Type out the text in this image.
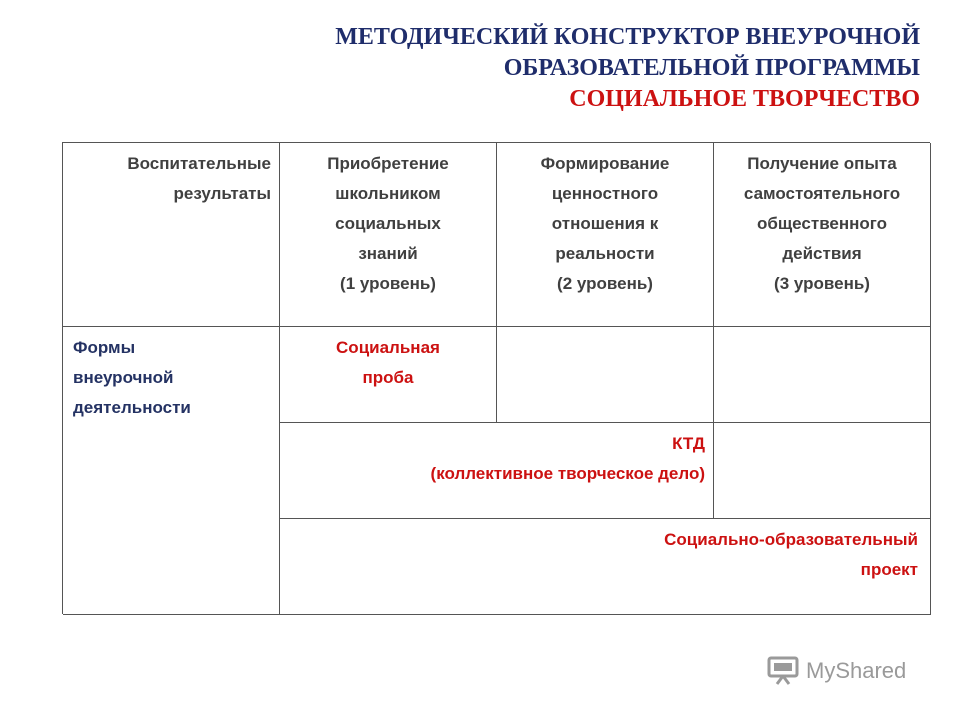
МЕТОДИЧЕСКИЙ КОНСТРУКТОР ВНЕУРОЧНОЙ
ОБРАЗОВАТЕЛЬНОЙ ПРОГРАММЫ
СОЦИАЛЬНОЕ ТВОРЧЕСТВО
Воспитательные
результаты
Приобретение
школьником
социальных
знаний
(1 уровень)
Формирование
ценностного
отношения к
реальности
(2 уровень)
Получение опыта
самостоятельного
общественного
действия
(3 уровень)
Формы
внеурочной
деятельности
Социальная
проба
КТД
(коллективное творческое дело)
Социально-образовательный
проект
MyShared
